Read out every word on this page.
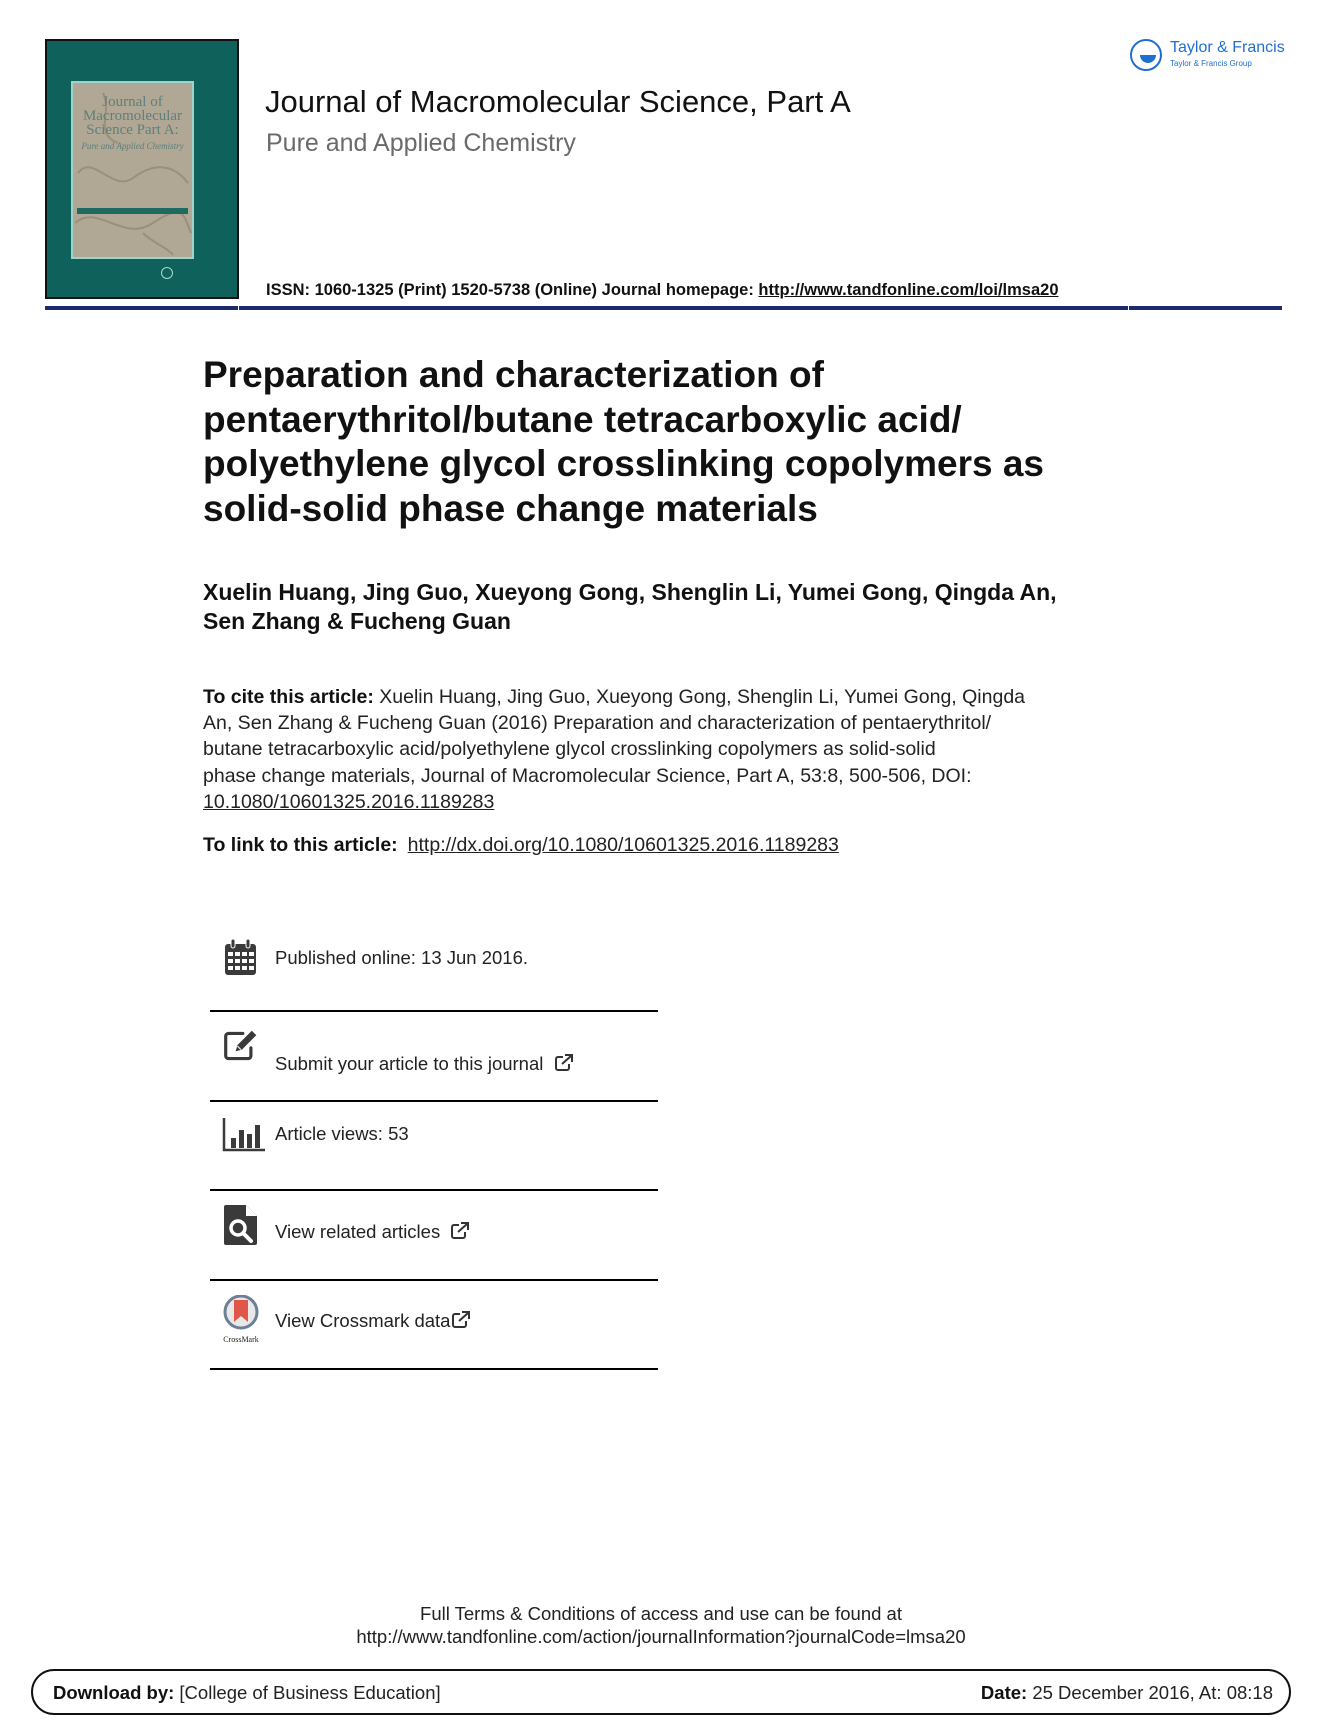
Journal of
Macromolecular
Science Part A:
Pure and Applied Chemistry
Journal of Macromolecular Science, Part A
Pure and Applied Chemistry
ISSN: 1060-1325 (Print) 1520-5738 (Online) Journal homepage: http://www.tandfonline.com/loi/lmsa20
Taylor & Francis
Taylor & Francis Group
Preparation and characterization of
pentaerythritol/butane tetracarboxylic acid/
polyethylene glycol crosslinking copolymers as
solid-solid phase change materials
Xuelin Huang, Jing Guo, Xueyong Gong, Shenglin Li, Yumei Gong, Qingda An,
Sen Zhang & Fucheng Guan
To cite this article: Xuelin Huang, Jing Guo, Xueyong Gong, Shenglin Li, Yumei Gong, Qingda
An, Sen Zhang & Fucheng Guan (2016) Preparation and characterization of pentaerythritol/
butane tetracarboxylic acid/polyethylene glycol crosslinking copolymers as solid-solid
phase change materials, Journal of Macromolecular Science, Part A, 53:8, 500-506, DOI:
10.1080/10601325.2016.1189283
To link to this article: http://dx.doi.org/10.1080/10601325.2016.1189283
Published online: 13 Jun 2016.
Submit your article to this journal
Article views: 53
View related articles
CrossMark
View Crossmark data
Full Terms & Conditions of access and use can be found at
http://www.tandfonline.com/action/journalInformation?journalCode=lmsa20
Download by: [College of Business Education]	Date: 25 December 2016, At: 08:18
